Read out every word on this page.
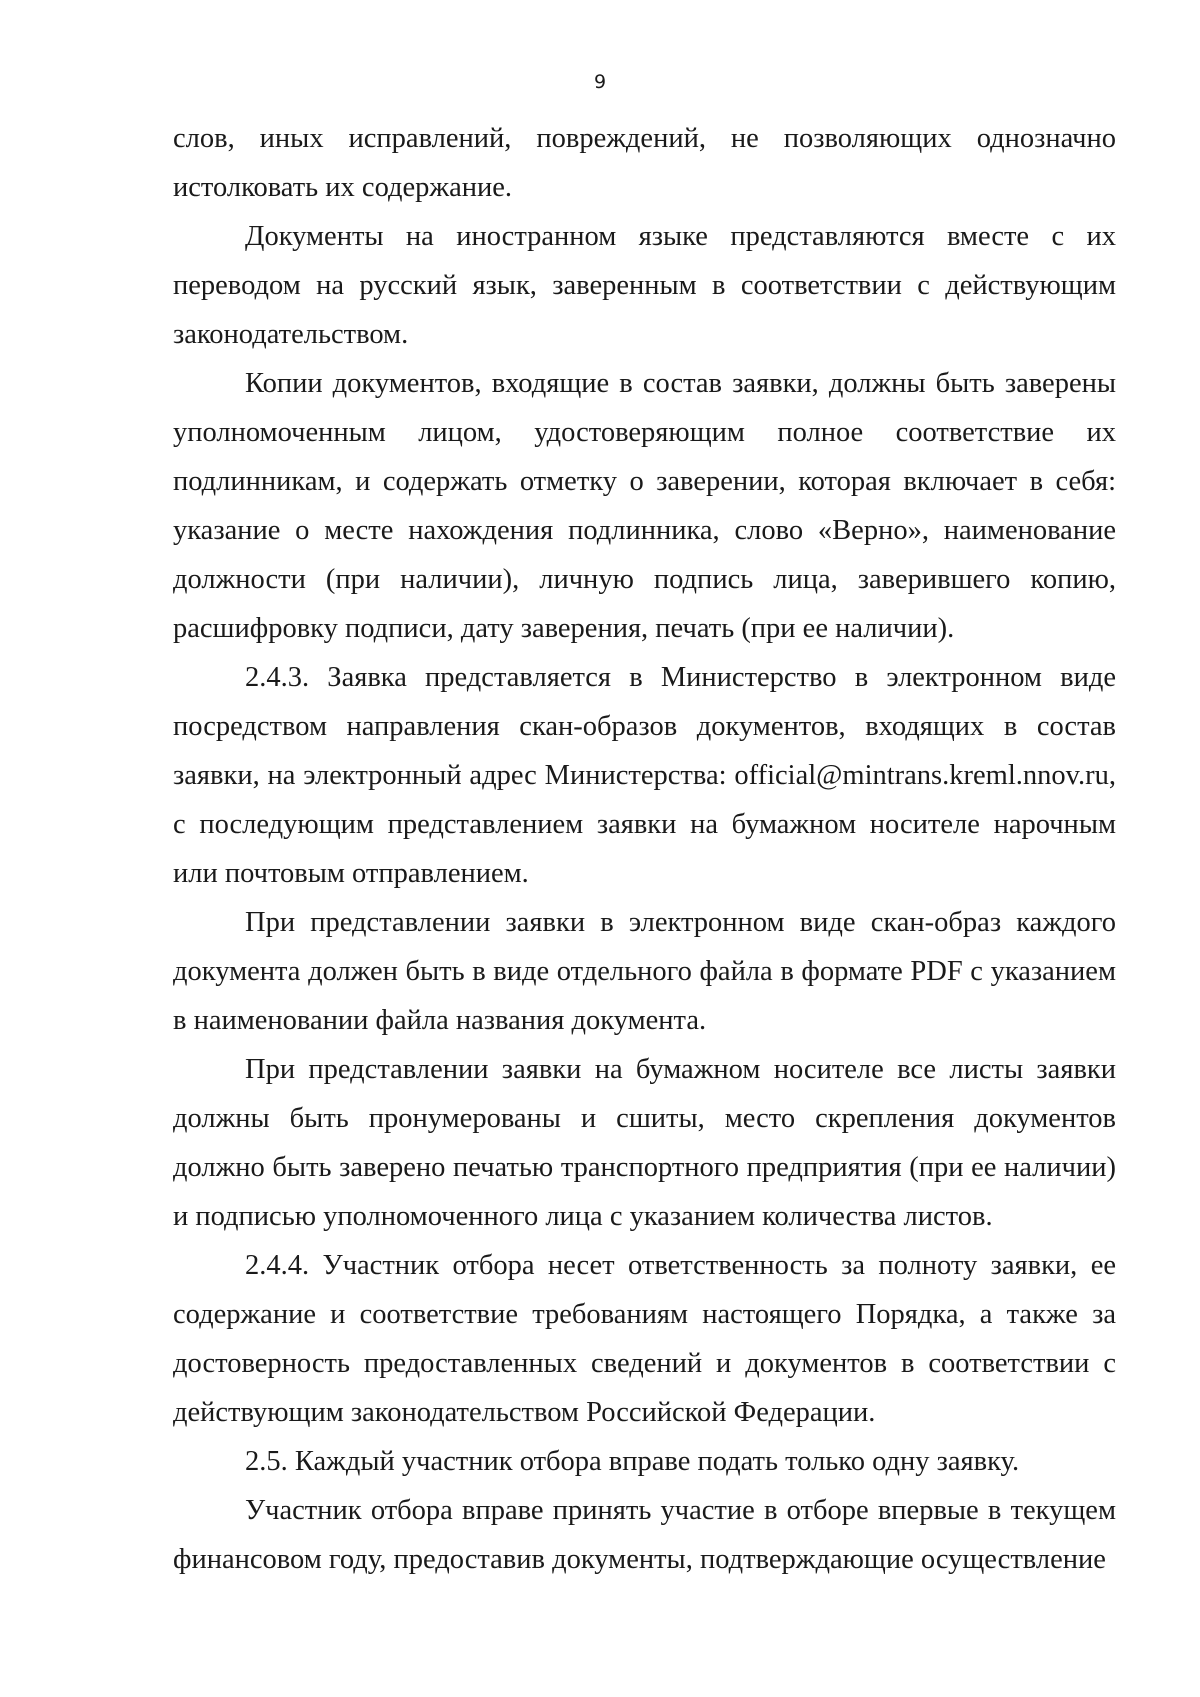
9

слов, иных исправлений, повреждений, не позволяющих однозначно истолковать их содержание.

Документы на иностранном языке представляются вместе с их переводом на русский язык, заверенным в соответствии с действующим законодательством.

Копии документов, входящие в состав заявки, должны быть заверены уполномоченным лицом, удостоверяющим полное соответствие их подлинникам, и содержать отметку о заверении, которая включает в себя: указание о месте нахождения подлинника, слово «Верно», наименование должности (при наличии), личную подпись лица, заверившего копию, расшифровку подписи, дату заверения, печать (при ее наличии).

2.4.3. Заявка представляется в Министерство в электронном виде посредством направления скан-образов документов, входящих в состав заявки, на электронный адрес Министерства: official@mintrans.kreml.nnov.ru, с последующим представлением заявки на бумажном носителе нарочным или почтовым отправлением.

При представлении заявки в электронном виде скан-образ каждого документа должен быть в виде отдельного файла в формате PDF с указанием в наименовании файла названия документа.

При представлении заявки на бумажном носителе все листы заявки должны быть пронумерованы и сшиты, место скрепления документов должно быть заверено печатью транспортного предприятия (при ее наличии) и подписью уполномоченного лица с указанием количества листов.

2.4.4. Участник отбора несет ответственность за полноту заявки, ее содержание и соответствие требованиям настоящего Порядка, а также за достоверность предоставленных сведений и документов в соответствии с действующим законодательством Российской Федерации.

2.5. Каждый участник отбора вправе подать только одну заявку.

Участник отбора вправе принять участие в отборе впервые в текущем финансовом году, предоставив документы, подтверждающие осуществление
